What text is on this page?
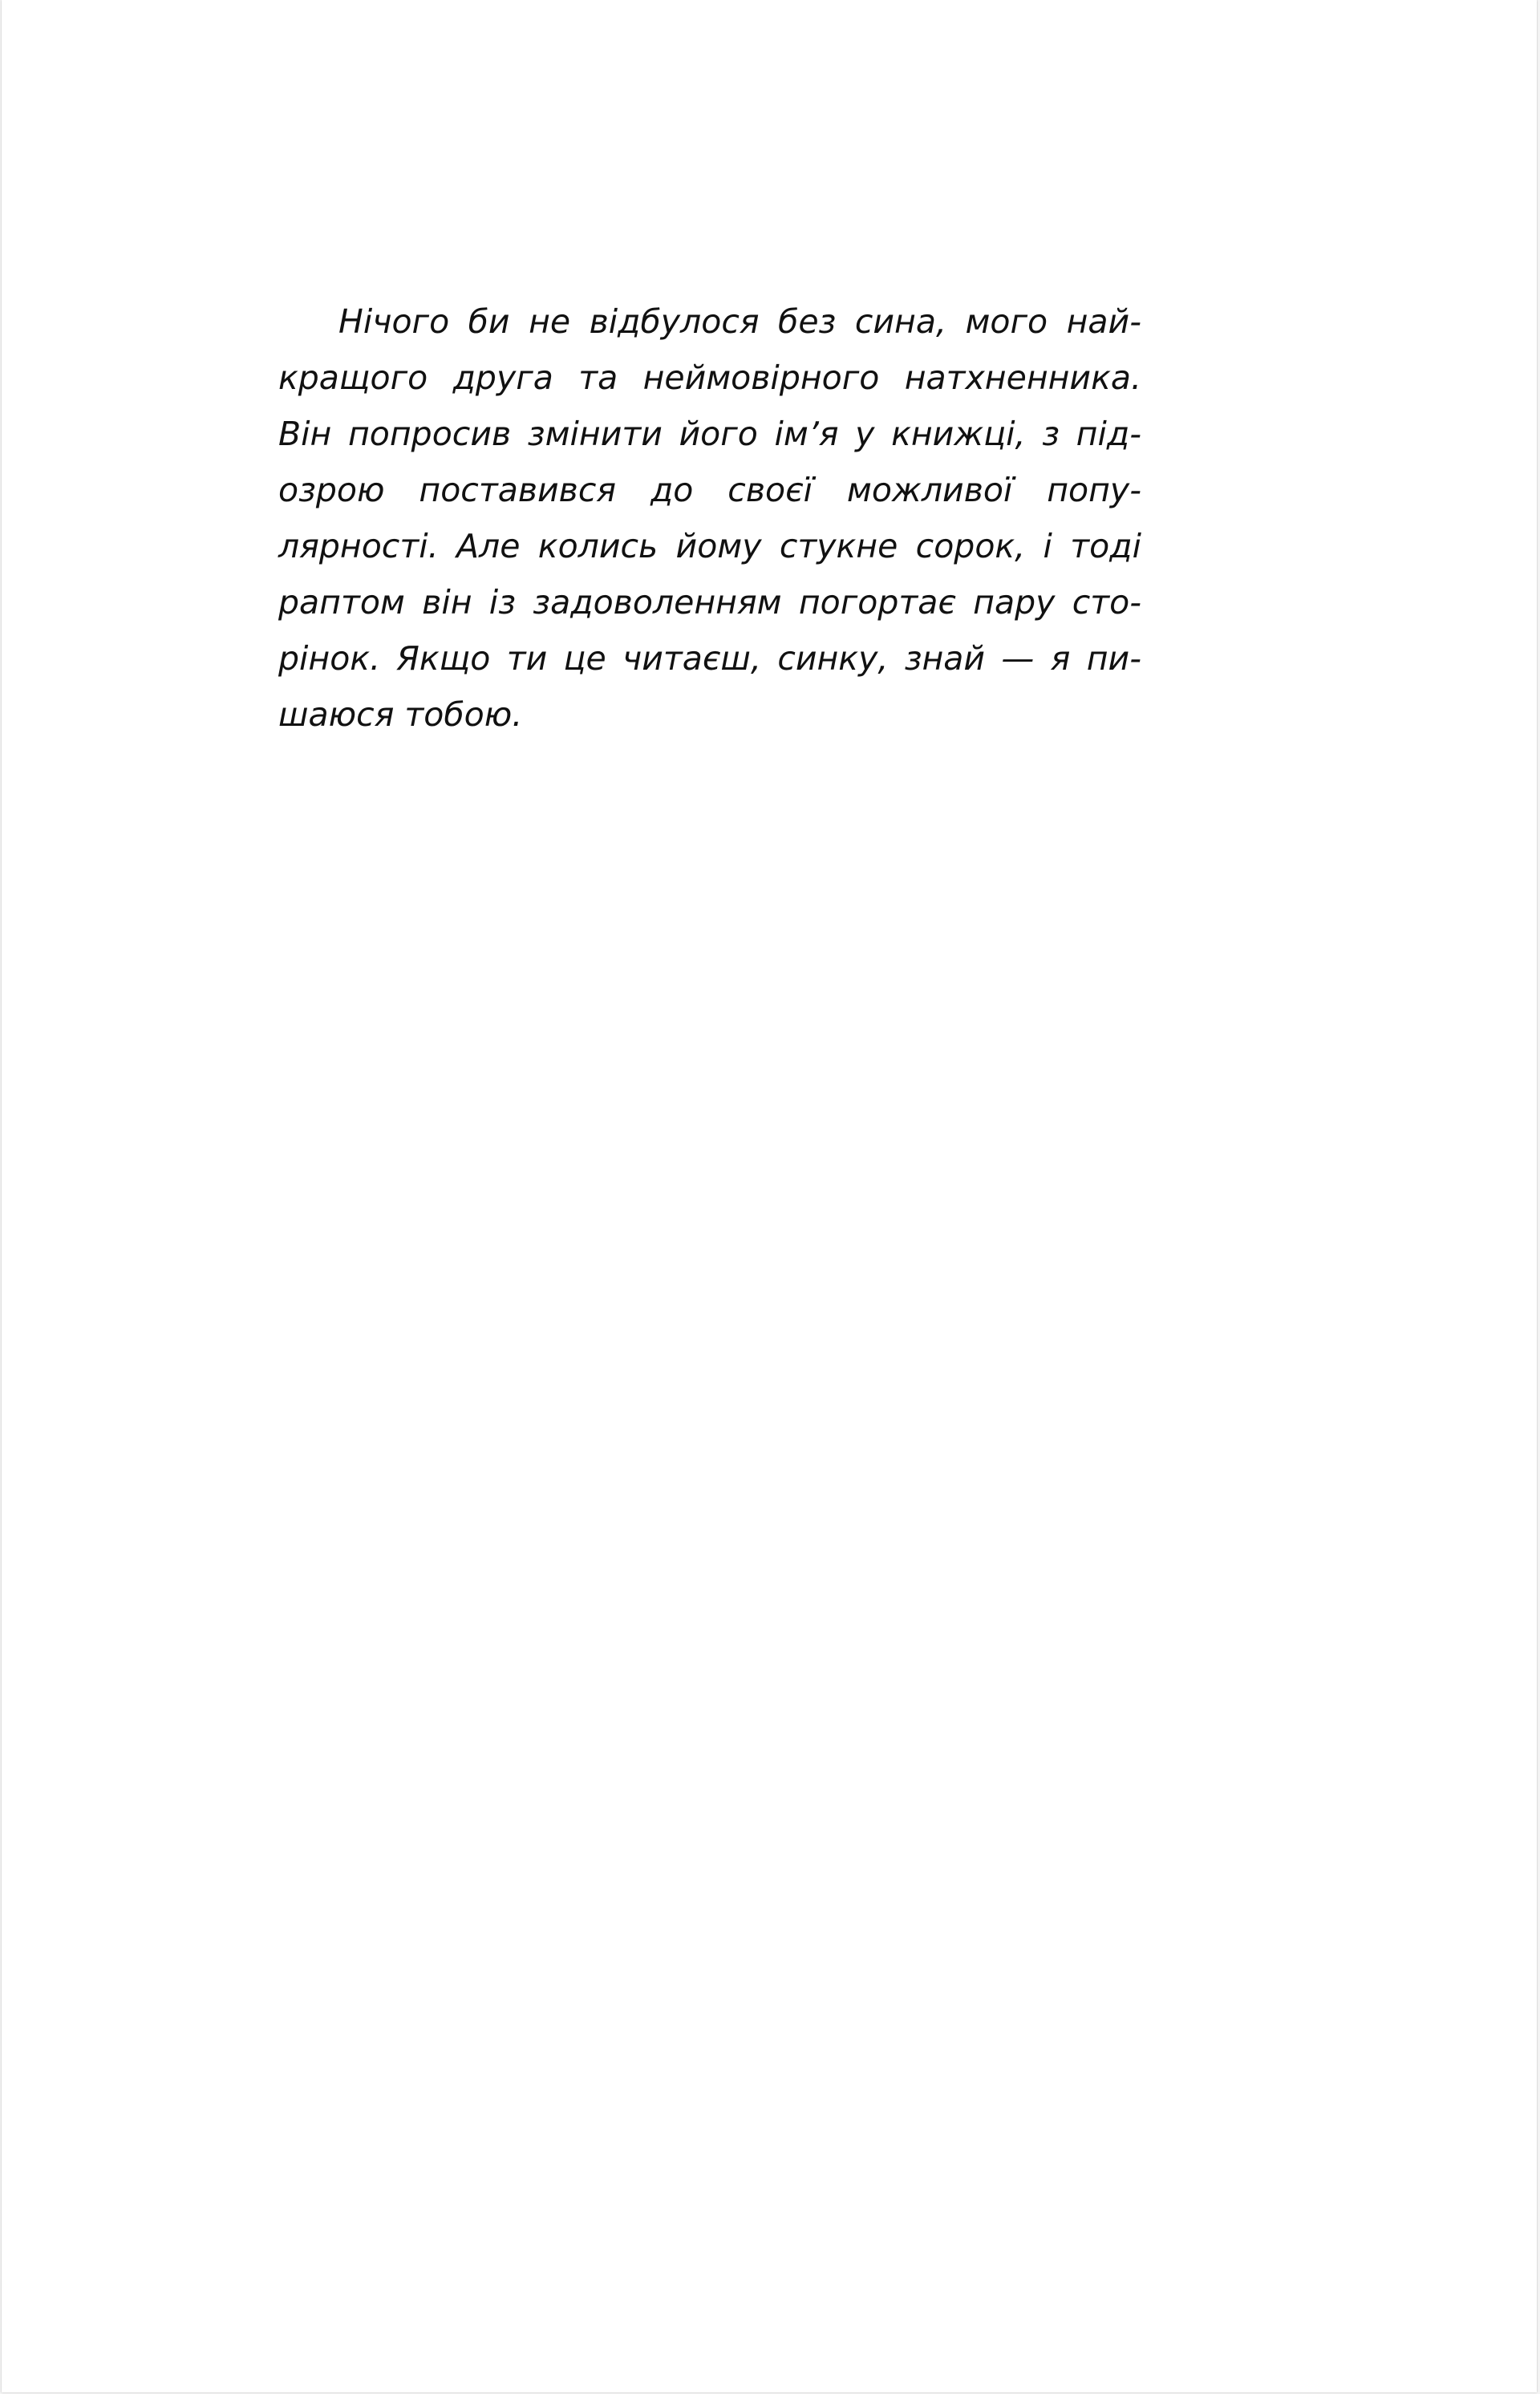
Нічого би не відбулося без сина, мого най-
кращого друга та неймовірного натхненника.
Він попросив змінити його ім’я у книжці, з під-
озрою поставився до своєї можливої попу-
лярності. Але колись йому стукне сорок, і тоді
раптом він із задоволенням погортає пару сто-
рінок. Якщо ти це читаєш, синку, знай — я пи-
шаюся тобою.
